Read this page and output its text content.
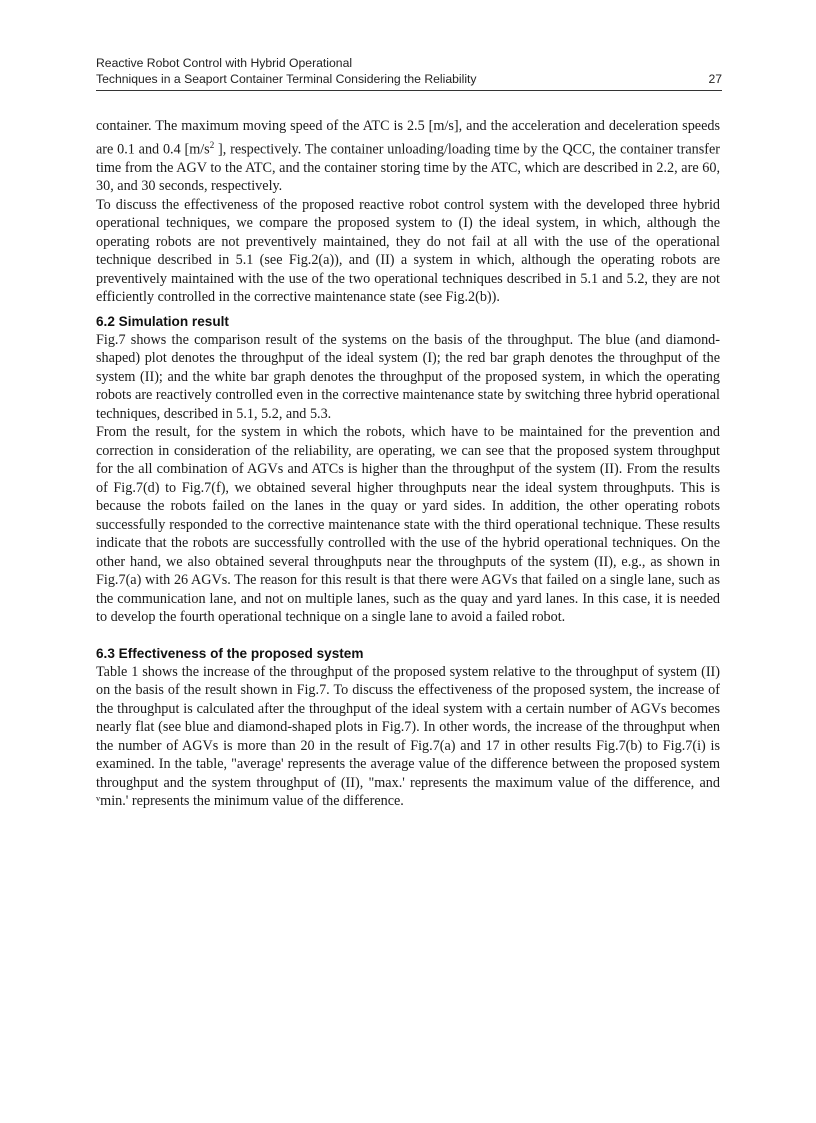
Reactive Robot Control with Hybrid Operational
Techniques in a Seaport Container Terminal Considering the Reliability	27

container. The maximum moving speed of the ATC is 2.5 [m/s], and the acceleration and deceleration speeds are 0.1 and 0.4 [$m/s^2$ ], respectively. The container unloading/loading time by the QCC, the container transfer time from the AGV to the ATC, and the container storing time by the ATC, which are described in 2.2, are 60, 30, and 30 seconds, respectively.

To discuss the effectiveness of the proposed reactive robot control system with the developed three hybrid operational techniques, we compare the proposed system to (I) the ideal system, in which, although the operating robots are not preventively maintained, they do not fail at all with the use of the operational technique described in 5.1 (see Fig.2(a)), and (II) a system in which, although the operating robots are preventively maintained with the use of the two operational techniques described in 5.1 and 5.2, they are not efficiently controlled in the corrective maintenance state (see Fig.2(b)).

6.2 Simulation result

Fig.7 shows the comparison result of the systems on the basis of the throughput. The blue (and diamond-shaped) plot denotes the throughput of the ideal system (I); the red bar graph denotes the throughput of the system (II); and the white bar graph denotes the throughput of the proposed system, in which the operating robots are reactively controlled even in the corrective maintenance state by switching three hybrid operational techniques, described in 5.1, 5.2, and 5.3.

From the result, for the system in which the robots, which have to be maintained for the prevention and correction in consideration of the reliability, are operating, we can see that the proposed system throughput for the all combination of AGVs and ATCs is higher than the throughput of the system (II). From the results of Fig.7(d) to Fig.7(f), we obtained several higher throughputs near the ideal system throughputs. This is because the robots failed on the lanes in the quay or yard sides. In addition, the other operating robots successfully responded to the corrective maintenance state with the third operational technique. These results indicate that the robots are successfully controlled with the use of the hybrid operational techniques. On the other hand, we also obtained several throughputs near the throughputs of the system (II), e.g., as shown in Fig.7(a) with 26 AGVs. The reason for this result is that there were AGVs that failed on a single lane, such as the communication lane, and not on multiple lanes, such as the quay and yard lanes. In this case, it is needed to develop the fourth operational technique on a single lane to avoid a failed robot.

6.3 Effectiveness of the proposed system

Table 1 shows the increase of the throughput of the proposed system relative to the throughput of system (II) on the basis of the result shown in Fig.7. To discuss the effectiveness of the proposed system, the increase of the throughput is calculated after the throughput of the ideal system with a certain number of AGVs becomes nearly flat (see blue and diamond-shaped plots in Fig.7). In other words, the increase of the throughput when the number of AGVs is more than 20 in the result of Fig.7(a) and 17 in other results Fig.7(b) to Fig.7(i) is examined. In the table, "average' represents the average value of the difference between the proposed system throughput and the system throughput of (II), "max.' represents the maximum value of the difference, and ᵛmin.' represents the minimum value of the difference.
